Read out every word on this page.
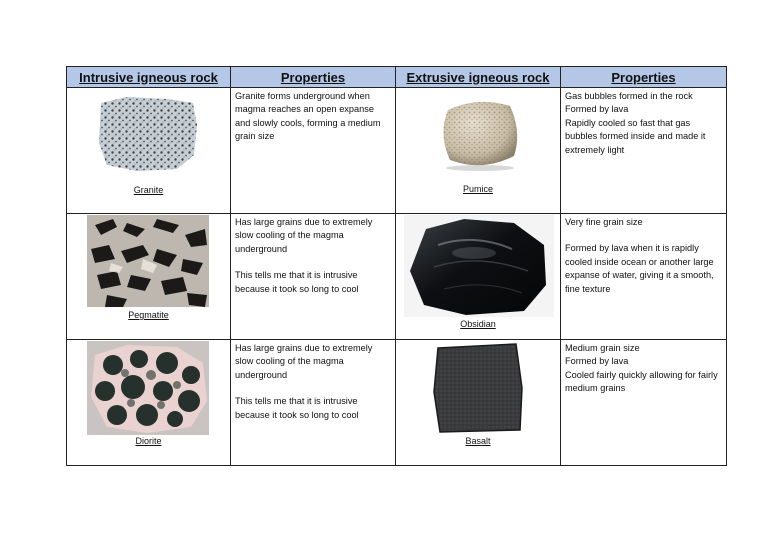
Intrusive igneous rock	Properties	Extrusive igneous rock	Properties

Granite	Granite forms underground when magma reaches an open expanse and slowly cools, forming a medium grain size	Pumice	Gas bubbles formed in the rock
Formed by lava
Rapidly cooled so fast that gas bubbles formed inside and made it extremely light

Pegmatite	Has large grains due to extremely slow cooling of the magma underground
This tells me that it is intrusive because it took so long to cool	Obsidian	Very fine grain size
Formed by lava when it is rapidly cooled inside ocean or another large expanse of water, giving it a smooth, fine texture

Diorite	Has large grains due to extremely slow cooling of the magma underground
This tells me that it is intrusive because it took so long to cool	Basalt	Medium grain size
Formed by lava
Cooled fairly quickly allowing for fairly medium grains
